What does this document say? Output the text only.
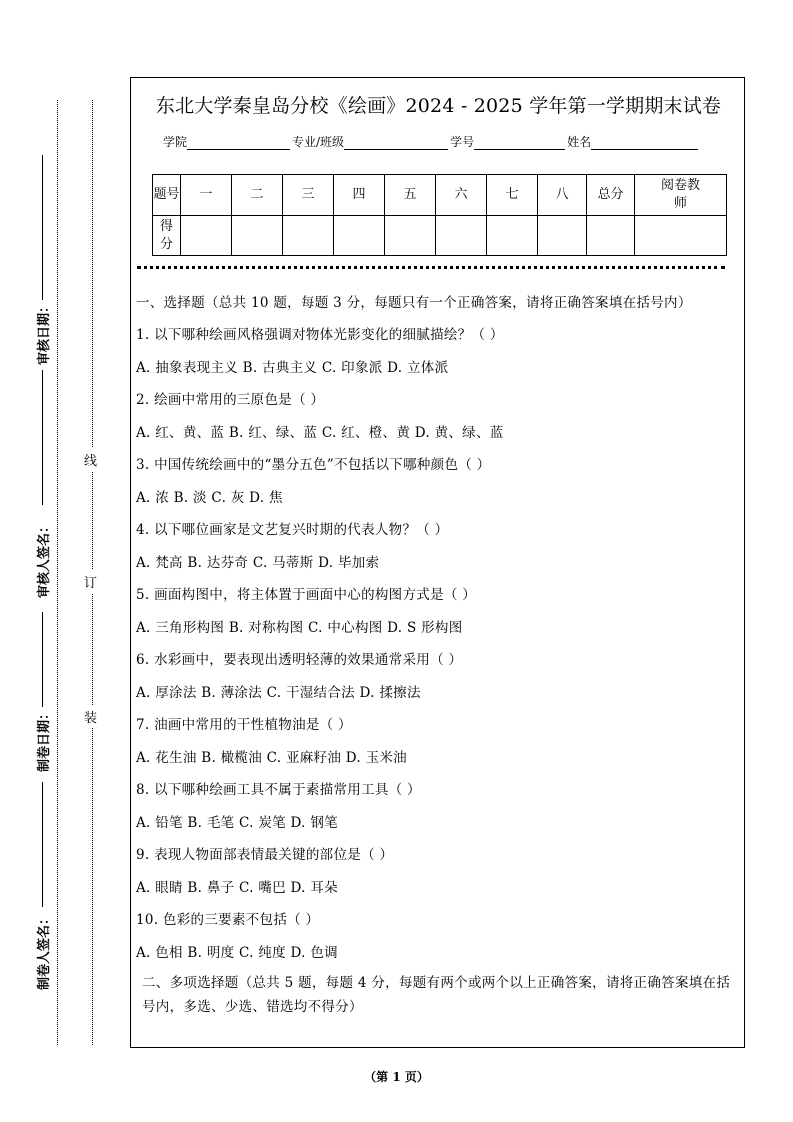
线
订
装
审核日期：
审核人签名：
制卷日期：
制卷人签名：
东北大学秦皇岛分校《绘画》2024 - 2025 学年第一学期期末试卷
学院	专业/班级	学号	姓名
题号	一	二	三	四	五	六	七	八	总分	阅卷教师
得分										

一、选择题（总共 10 题，每题 3 分，每题只有一个正确答案，请将正确答案填在括号内）

1. 以下哪种绘画风格强调对物体光影变化的细腻描绘？（ ）

A. 抽象表现主义 B. 古典主义 C. 印象派 D. 立体派

2. 绘画中常用的三原色是（ ）

A. 红、黄、蓝 B. 红、绿、蓝 C. 红、橙、黄 D. 黄、绿、蓝

3. 中国传统绘画中的“墨分五色”不包括以下哪种颜色（ ）

A. 浓 B. 淡 C. 灰 D. 焦

4. 以下哪位画家是文艺复兴时期的代表人物？（ ）

A. 梵高 B. 达芬奇 C. 马蒂斯 D. 毕加索

5. 画面构图中，将主体置于画面中心的构图方式是（ ）

A. 三角形构图 B. 对称构图 C. 中心构图 D. S 形构图

6. 水彩画中，要表现出透明轻薄的效果通常采用（ ）

A. 厚涂法 B. 薄涂法 C. 干湿结合法 D. 揉擦法

7. 油画中常用的干性植物油是（ ）

A. 花生油 B. 橄榄油 C. 亚麻籽油 D. 玉米油

8. 以下哪种绘画工具不属于素描常用工具（ ）

A. 铅笔 B. 毛笔 C. 炭笔 D. 钢笔

9. 表现人物面部表情最关键的部位是（ ）

A. 眼睛 B. 鼻子 C. 嘴巴 D. 耳朵

10. 色彩的三要素不包括（ ）

A. 色相 B. 明度 C. 纯度 D. 色调

二、多项选择题（总共 5 题，每题 4 分，每题有两个或两个以上正确答案，请将正确答案填在括号内，多选、少选、错选均不得分）

（第 1 页）
